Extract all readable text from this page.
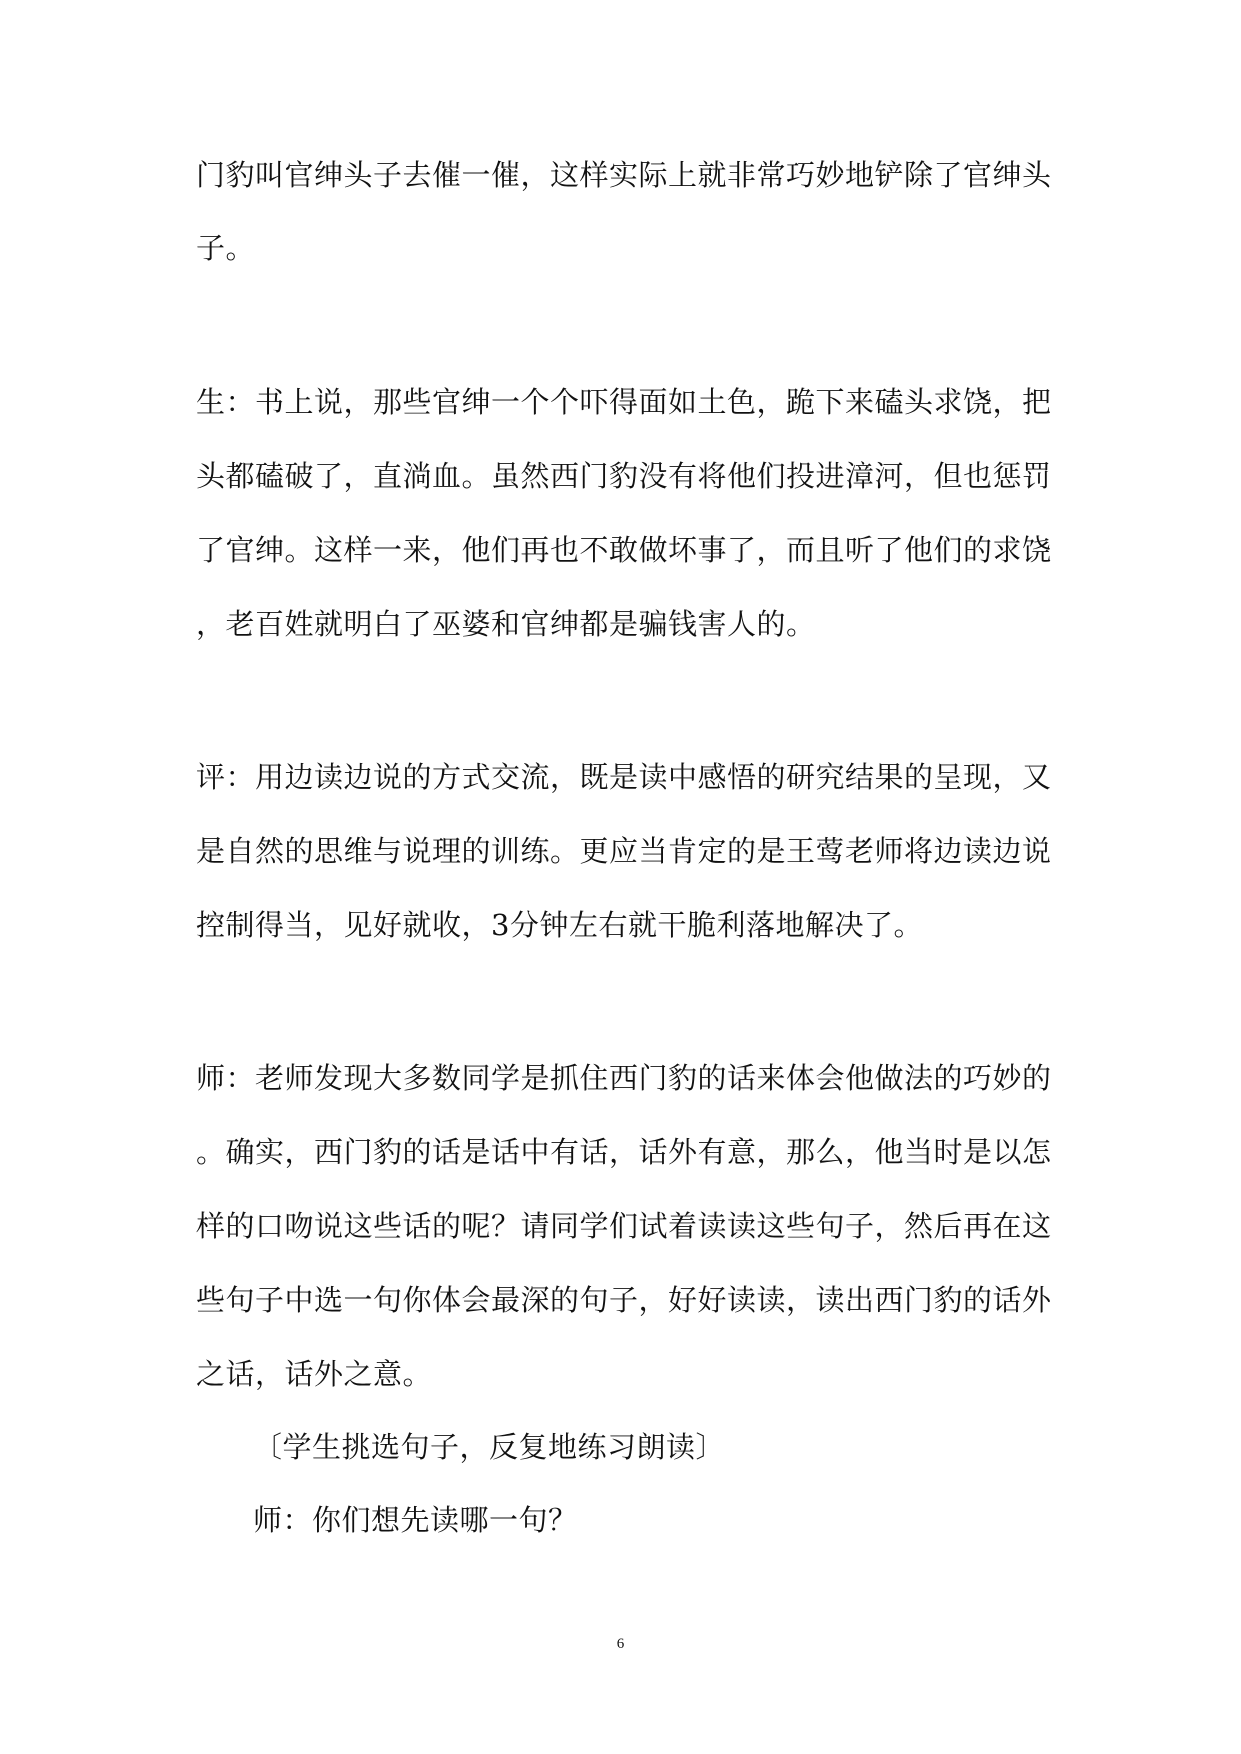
门豹叫官绅头子去催一催，这样实际上就非常巧妙地铲除了官绅头
子。
生：书上说，那些官绅一个个吓得面如土色，跪下来磕头求饶，把
头都磕破了，直淌血。虽然西门豹没有将他们投进漳河，但也惩罚
了官绅。这样一来，他们再也不敢做坏事了，而且听了他们的求饶
，老百姓就明白了巫婆和官绅都是骗钱害人的。
评：用边读边说的方式交流，既是读中感悟的研究结果的呈现，又
是自然的思维与说理的训练。更应当肯定的是王莺老师将边读边说
控制得当，见好就收，3分钟左右就干脆利落地解决了。
师：老师发现大多数同学是抓住西门豹的话来体会他做法的巧妙的
。确实，西门豹的话是话中有话，话外有意，那么，他当时是以怎
样的口吻说这些话的呢？请同学们试着读读这些句子，然后再在这
些句子中选一句你体会最深的句子，好好读读，读出西门豹的话外
之话，话外之意。
〔学生挑选句子，反复地练习朗读〕
师：你们想先读哪一句？
6
